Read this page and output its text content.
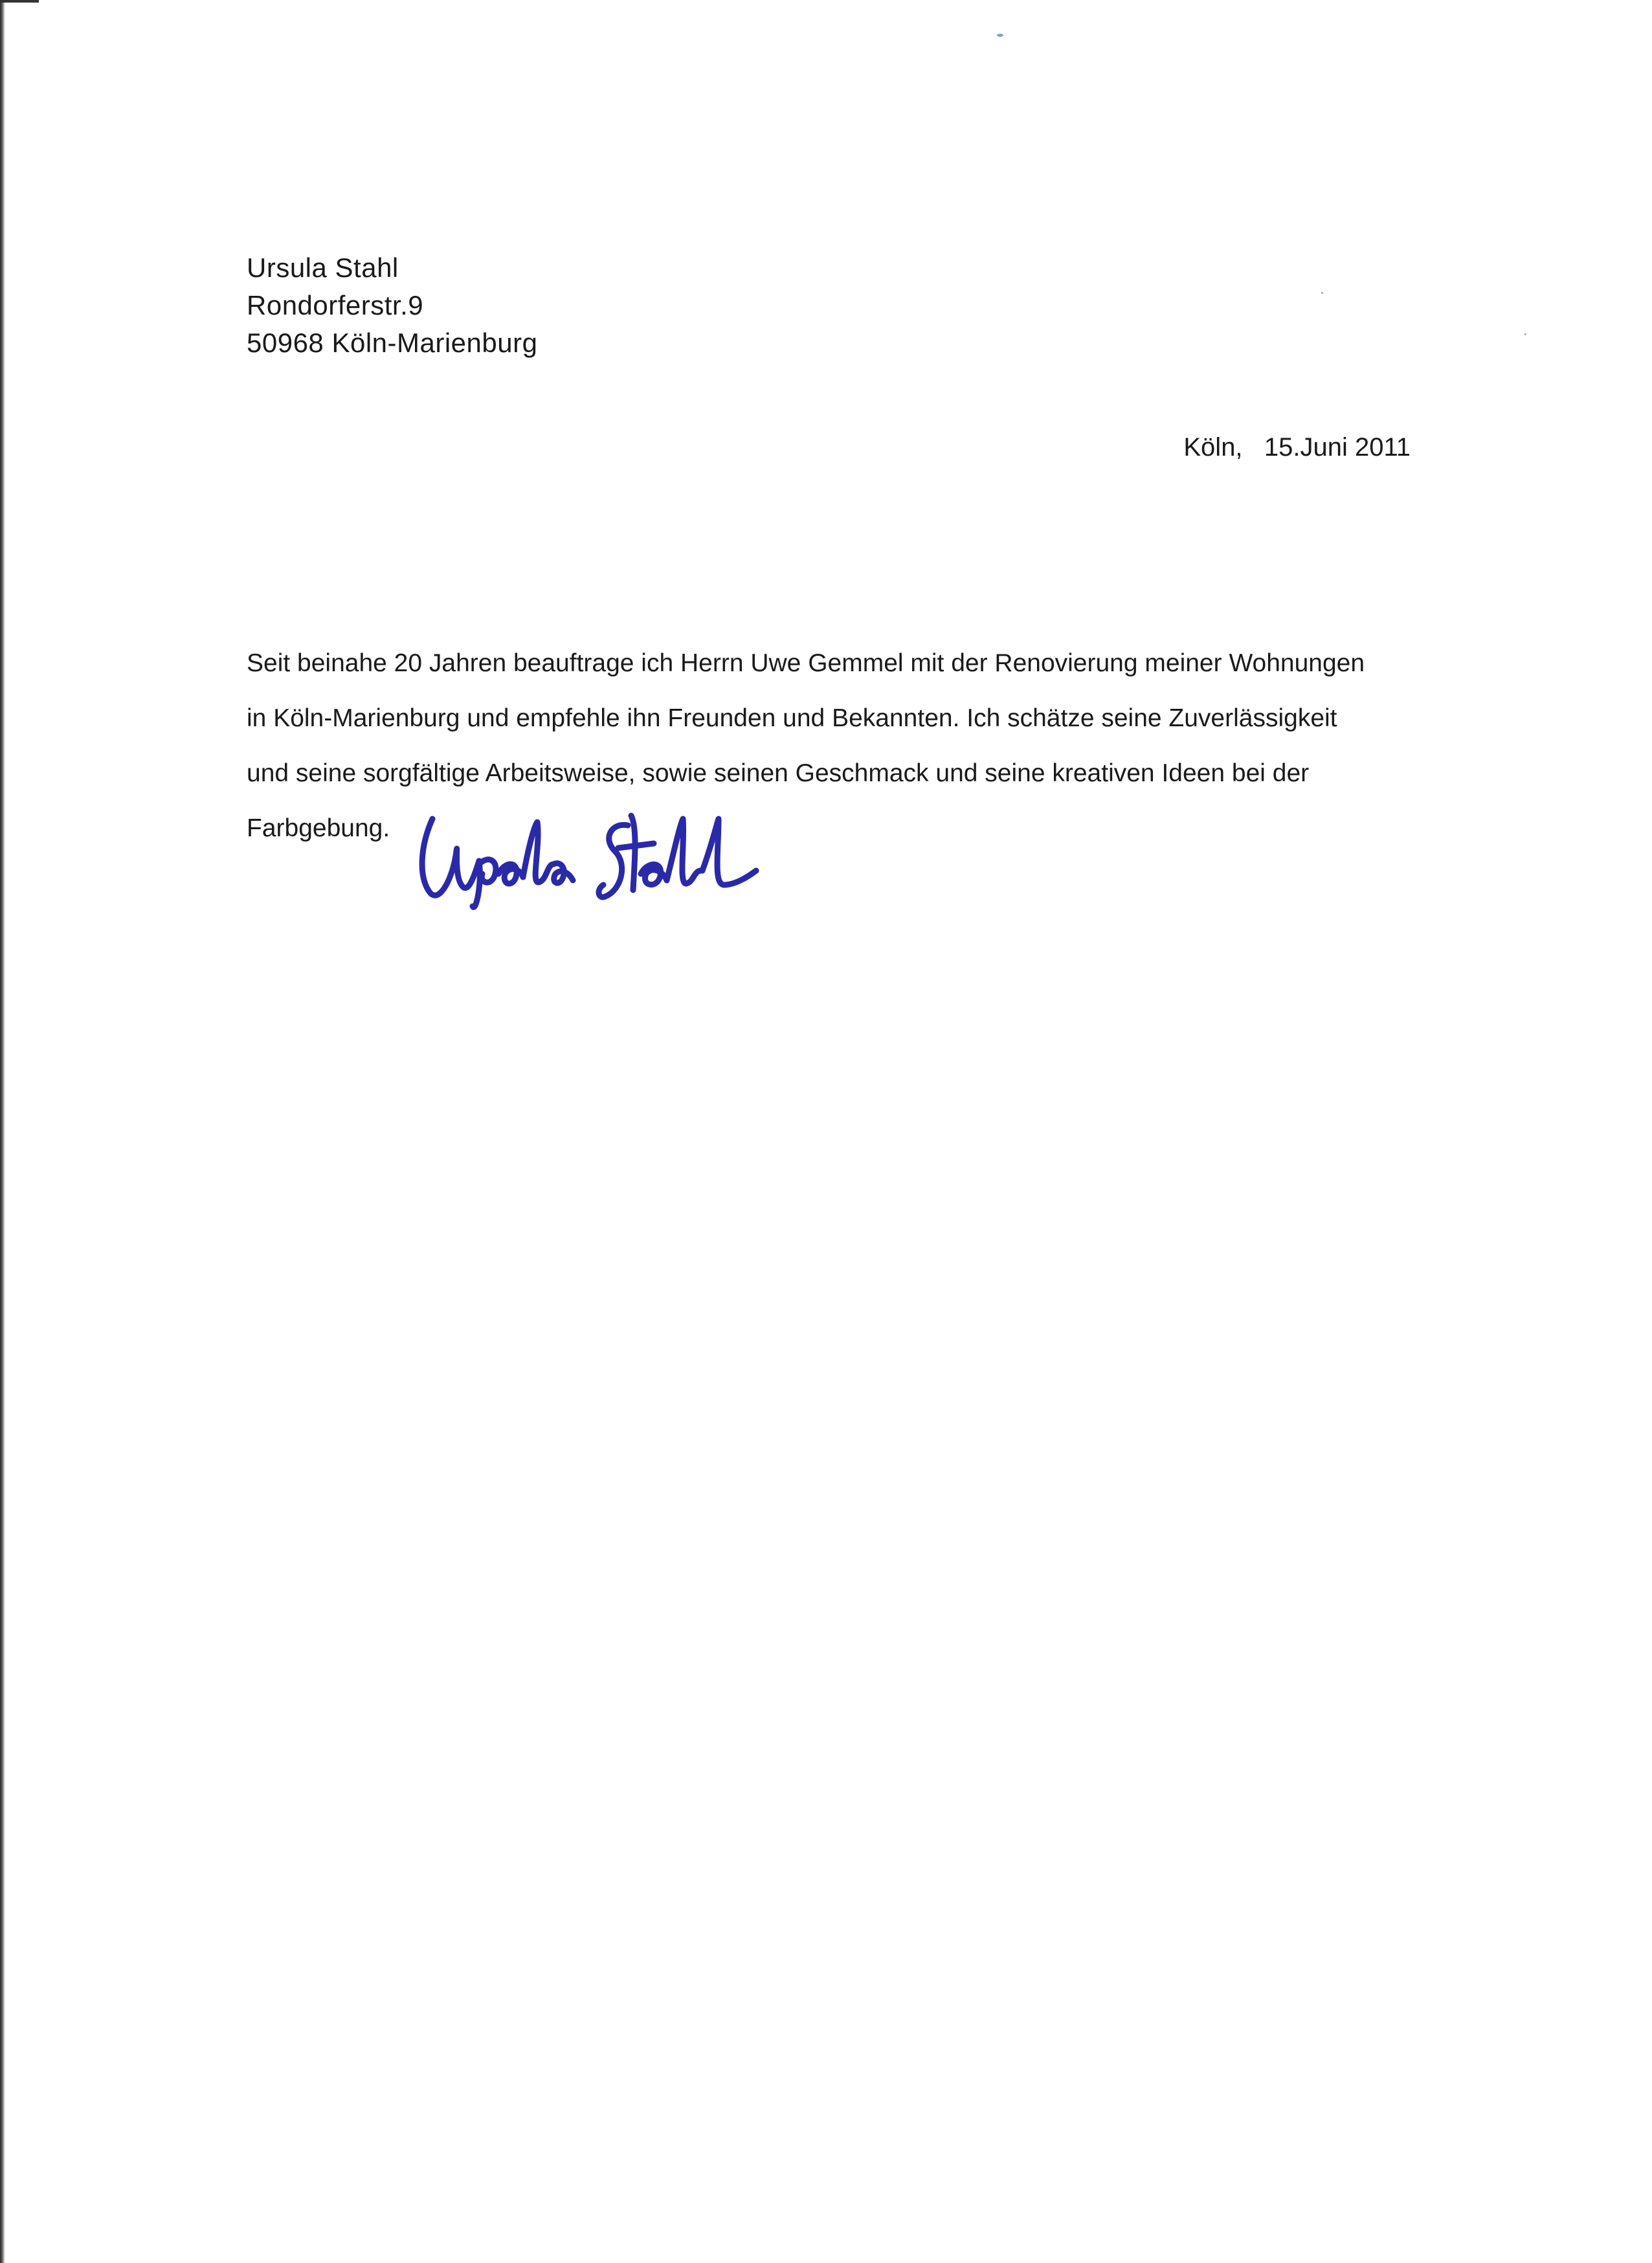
Ursula Stahl
Rondorferstr.9
50968 Köln-Marienburg
Köln,   15.Juni 2011
Seit beinahe 20 Jahren beauftrage ich Herrn Uwe Gemmel mit der Renovierung meiner Wohnungen
in Köln-Marienburg und empfehle ihn Freunden und Bekannten. Ich schätze seine Zuverlässigkeit
und seine sorgfältige Arbeitsweise, sowie seinen Geschmack und seine kreativen Ideen bei der
Farbgebung.
